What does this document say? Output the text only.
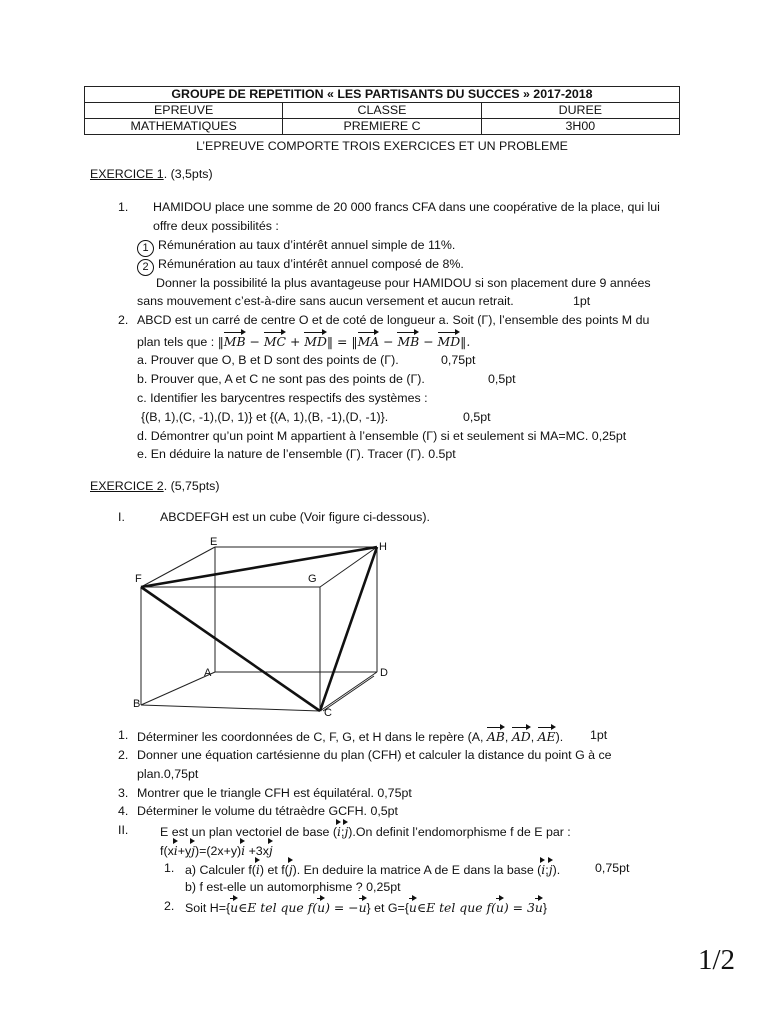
GROUPE DE REPETITION « LES PARTISANTS DU SUCCES » 2017-2018		
EPREUVE	CLASSE	DUREE
MATHEMATIQUES	PREMIERE C	3H00
L’EPREUVE COMPORTE TROIS EXERCICES ET UN PROBLEME
EXERCICE 1. (3,5pts)
1. HAMIDOU place une somme de 20 000 francs CFA dans une coopérative de la place, qui lui
offre deux possibilités :
1 Rémunération au taux d’intérêt annuel simple de 11%.
2 Rémunération au taux d’intérêt annuel composé de 8%.
Donner la possibilité la plus avantageuse pour HAMIDOU si son placement dure 9 années
sans mouvement c’est-à-dire sans aucun versement et aucun retrait.	1pt
2. ABCD est un carré de centre O et de coté de longueur a. Soit (Γ), l’ensemble des points M du
plan tels que : ‖MB − MC + MD‖ = ‖MA − MB − MD‖.
a. Prouver que O, B et D sont des points de (Γ).	0,75pt
b. Prouver que, A et C ne sont pas des points de (Γ).	0,5pt
c. Identifier les barycentres respectifs des systèmes :
{(B, 1),(C, -1),(D, 1)} et {(A, 1),(B, -1),(D, -1)}.	0,5pt
d. Démontrer qu’un point M appartient à l’ensemble (Γ) si et seulement si MA=MC. 0,25pt
e. En déduire la nature de l’ensemble (Γ). Tracer (Γ). 0.5pt
EXERCICE 2. (5,75pts)
I.	ABCDEFGH est un cube (Voir figure ci-dessous).
E	H
F	G
A	D
B
C
1. Déterminer les coordonnées de C, F, G, et H dans le repère (A, AB, AD, AE). 1pt
2. Donner une équation cartésienne du plan (CFH) et calculer la distance du point G à ce
plan.0,75pt
3. Montrer que le triangle CFH est équilatéral. 0,75pt
4. Déterminer le volume du tétraèdre GCFH. 0,5pt
II.	E est un plan vectoriel de base (i;j).On definit l’endomorphisme f de E par :
f(xi+yj)=(2x+y)i +3xj
1. a) Calculer f(i) et f(j). En deduire la matrice A de E dans la base (i;j).	0,75pt
b) f est-elle un automorphisme ? 0,25pt
2. Soit H={u∈E tel que f(u) = −u} et G={u∈E tel que f(u) = 3u}
1/2
